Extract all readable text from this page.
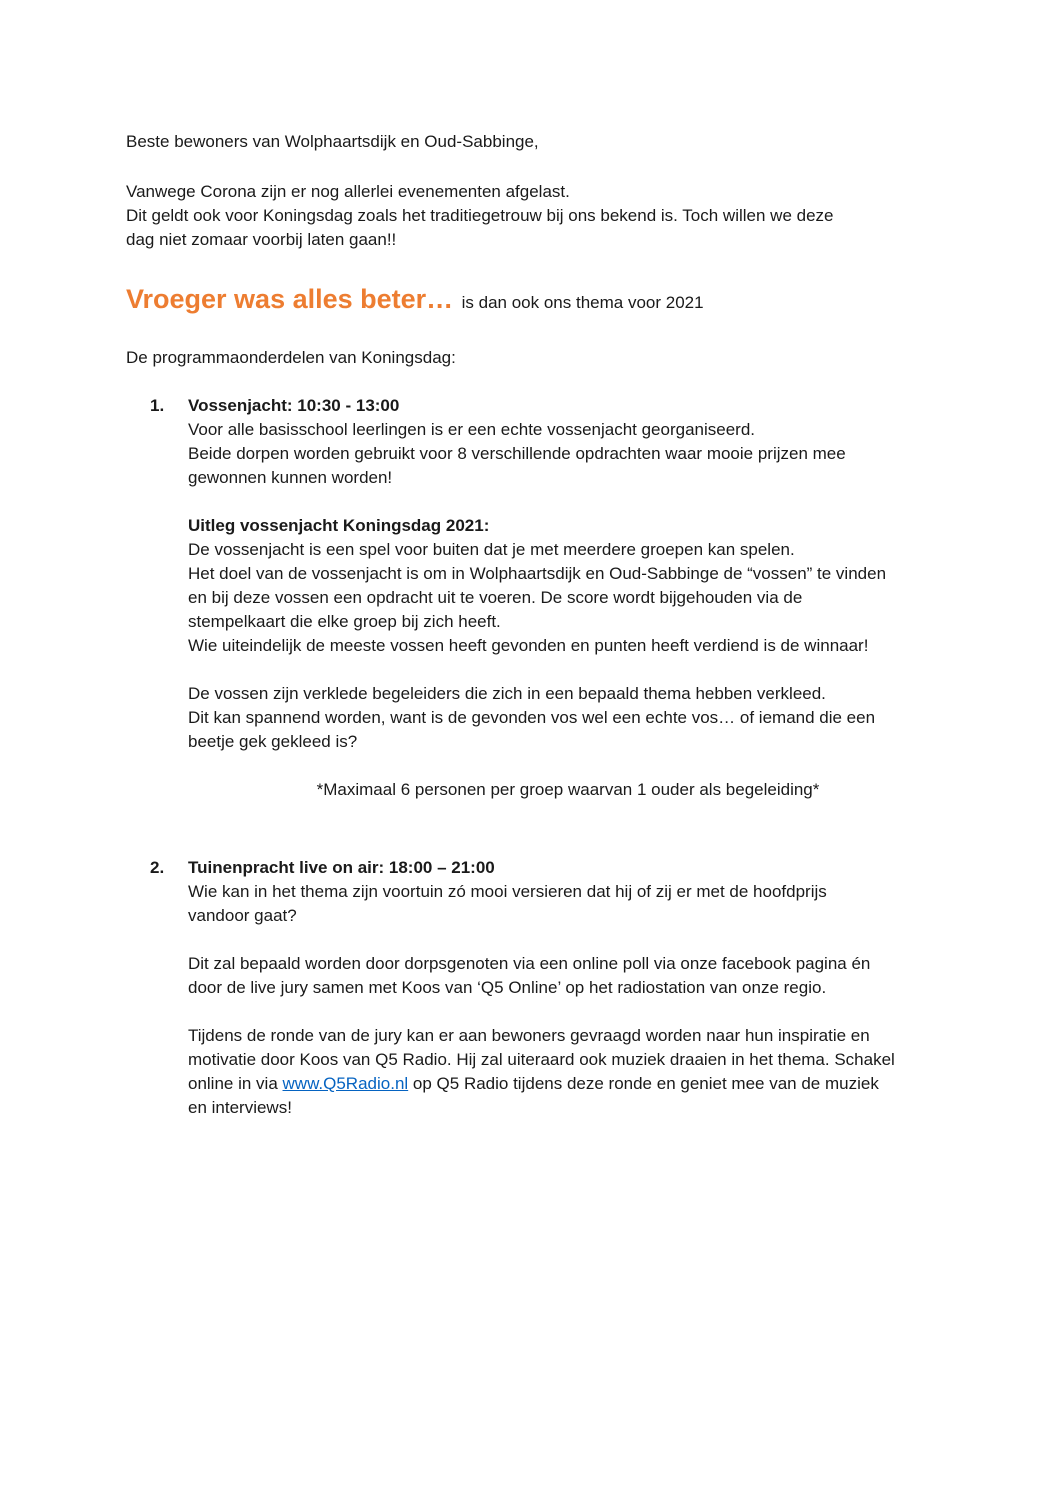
Beste bewoners van Wolphaartsdijk en Oud-Sabbinge,
Vanwege Corona zijn er nog allerlei evenementen afgelast.
Dit geldt ook voor Koningsdag zoals het traditiegetrouw bij ons bekend is. Toch willen we deze
dag niet zomaar voorbij laten gaan!!
Vroeger was alles beter… is dan ook ons thema voor 2021
De programmaonderdelen van Koningsdag:
1.	Vossenjacht: 10:30 - 13:00
Voor alle basisschool leerlingen is er een echte vossenjacht georganiseerd.
Beide dorpen worden gebruikt voor 8 verschillende opdrachten waar mooie prijzen mee
gewonnen kunnen worden!
Uitleg vossenjacht Koningsdag 2021:
De vossenjacht is een spel voor buiten dat je met meerdere groepen kan spelen.
Het doel van de vossenjacht is om in Wolphaartsdijk en Oud-Sabbinge de “vossen” te vinden
en bij deze vossen een opdracht uit te voeren. De score wordt bijgehouden via de
stempelkaart die elke groep bij zich heeft.
Wie uiteindelijk de meeste vossen heeft gevonden en punten heeft verdiend is de winnaar!
De vossen zijn verklede begeleiders die zich in een bepaald thema hebben verkleed.
Dit kan spannend worden, want is de gevonden vos wel een echte vos… of iemand die een
beetje gek gekleed is?
*Maximaal 6 personen per groep waarvan 1 ouder als begeleiding*
2.	Tuinenpracht live on air: 18:00 – 21:00
Wie kan in het thema zijn voortuin zó mooi versieren dat hij of zij er met de hoofdprijs
vandoor gaat?
Dit zal bepaald worden door dorpsgenoten via een online poll via onze facebook pagina én
door de live jury samen met Koos van ‘Q5 Online’ op het radiostation van onze regio.
Tijdens de ronde van de jury kan er aan bewoners gevraagd worden naar hun inspiratie en
motivatie door Koos van Q5 Radio. Hij zal uiteraard ook muziek draaien in het thema. Schakel
online in via www.Q5Radio.nl op Q5 Radio tijdens deze ronde en geniet mee van de muziek
en interviews!
